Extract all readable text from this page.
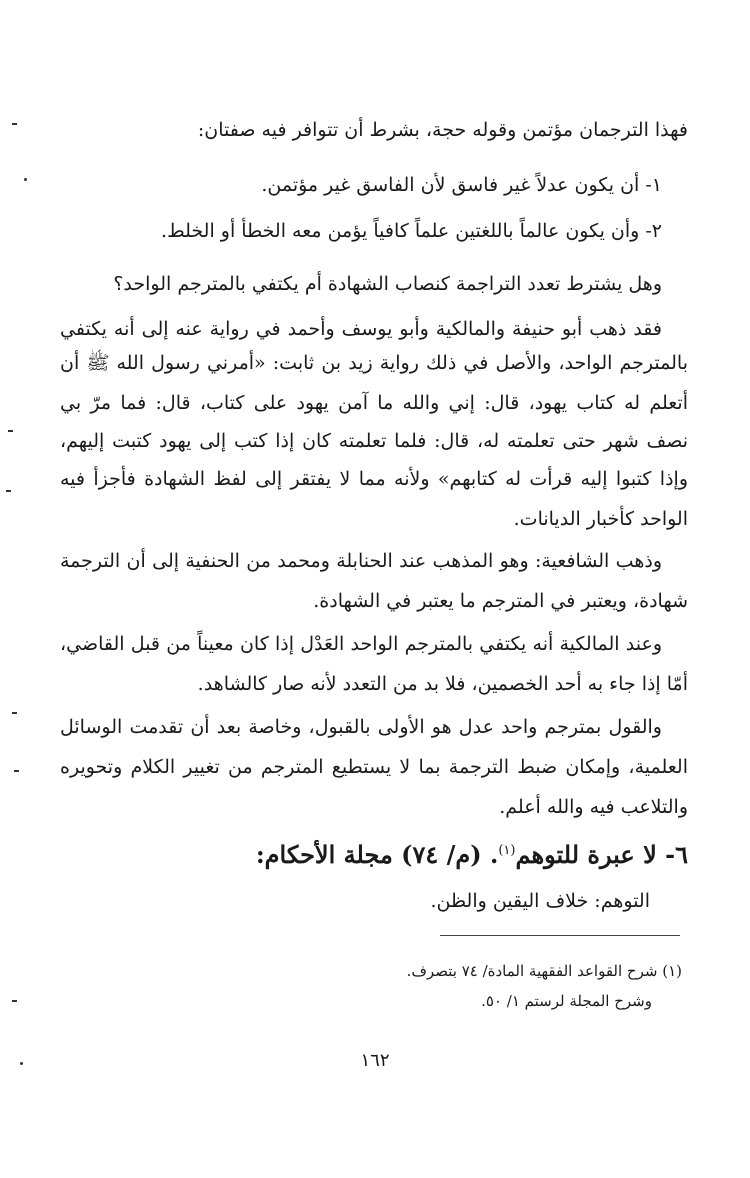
فهذا الترجمان مؤتمن وقوله حجة، بشرط أن تتوافر فيه صفتان:
١- أن يكون عدلاً غير فاسق لأن الفاسق غير مؤتمن.
٢- وأن يكون عالماً باللغتين علماً كافياً يؤمن معه الخطأ أو الخلط.
وهل يشترط تعدد التراجمة كنصاب الشهادة أم يكتفي بالمترجم الواحد؟
فقد ذهب أبو حنيفة والمالكية وأبو يوسف وأحمد في رواية عنه إلى أنه يكتفي
بالمترجم الواحد، والأصل في ذلك رواية زيد بن ثابت: «أمرني رسول الله ﷺ أن
أتعلم له كتاب يهود، قال: إني والله ما آمن يهود على كتاب، قال: فما مرّ بي
نصف شهر حتى تعلمته له، قال: فلما تعلمته كان إذا كتب إلى يهود كتبت إليهم،
وإذا كتبوا إليه قرأت له كتابهم» ولأنه مما لا يفتقر إلى لفظ الشهادة فأجزأ فيه
الواحد كأخبار الديانات.
وذهب الشافعية: وهو المذهب عند الحنابلة ومحمد من الحنفية إلى أن الترجمة
شهادة، ويعتبر في المترجم ما يعتبر في الشهادة.
وعند المالكية أنه يكتفي بالمترجم الواحد العَدْل إذا كان معيناً من قبل القاضي،
أمّا إذا جاء به أحد الخصمين، فلا بد من التعدد لأنه صار كالشاهد.
والقول بمترجم واحد عدل هو الأولى بالقبول، وخاصة بعد أن تقدمت الوسائل
العلمية، وإمكان ضبط الترجمة بما لا يستطيع المترجم من تغيير الكلام وتحويره
والتلاعب فيه والله أعلم.
٦- لا عبرة للتوهم$^{(١)}$. (م/ ٧٤) مجلة الأحكام:
التوهم: خلاف اليقين والظن.
(١) شرح القواعد الفقهية المادة/ ٧٤ بتصرف.
وشرح المجلة لرستم ١/ ٥٠.
١٦٢
